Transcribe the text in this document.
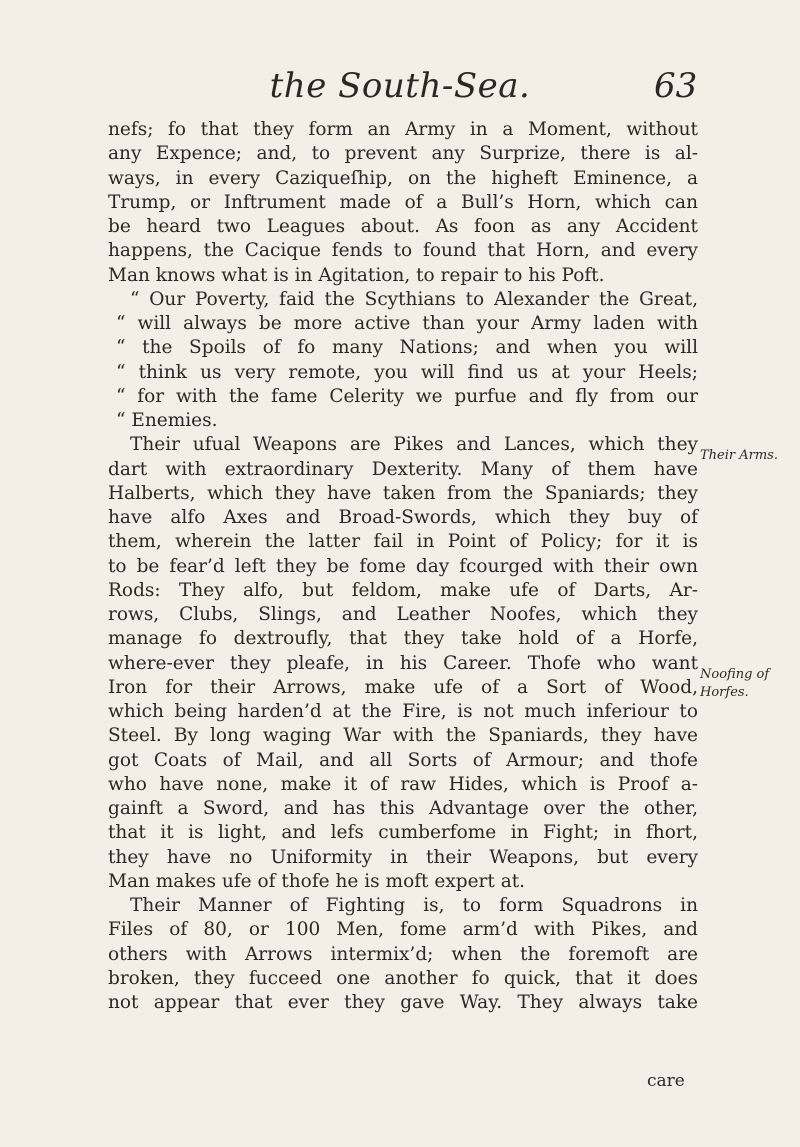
the South-Sea.	63
nefs; fo that they form an Army in a Moment, without
any Expence; and, to prevent any Surprize, there is al-
ways, in every Caziqueſhip, on the higheft Eminence, a
Trump, or Inftrument made of a Bull’s Horn, which can
be heard two Leagues about. As foon as any Accident
happens, the Cacique fends to found that Horn, and every
Man knows what is in Agitation, to repair to his Poft.
“ Our Poverty, faid the Scythians to Alexander the Great,
“ will always be more active than your Army laden with
“ the Spoils of fo many Nations; and when you will
“ think us very remote, you will find us at your Heels;
“ for with the fame Celerity we purfue and fly from our
“ Enemies.
Their ufual Weapons are Pikes and Lances, which they
dart with extraordinary Dexterity. Many of them have
Halberts, which they have taken from the Spaniards; they
have alfo Axes and Broad-Swords, which they buy of
them, wherein the latter fail in Point of Policy; for it is
to be fear’d left they be fome day fcourged with their own
Rods: They alfo, but feldom, make ufe of Darts, Ar-
rows, Clubs, Slings, and Leather Noofes, which they
manage fo dextroufly, that they take hold of a Horfe,
where-ever they pleafe, in his Career. Thofe who want
Iron for their Arrows, make ufe of a Sort of Wood,
which being harden’d at the Fire, is not much inferiour to
Steel. By long waging War with the Spaniards, they have
got Coats of Mail, and all Sorts of Armour; and thofe
who have none, make it of raw Hides, which is Proof a-
gainft a Sword, and has this Advantage over the other,
that it is light, and lefs cumberfome in Fight; in fhort,
they have no Uniformity in their Weapons, but every
Man makes ufe of thofe he is moft expert at.
Their Manner of Fighting is, to form Squadrons in
Files of 80, or 100 Men, fome arm’d with Pikes, and
others with Arrows intermix’d; when the foremoft are
broken, they fucceed one another fo quick, that it does
not appear that ever they gave Way. They always take
care
Their Arms.
Noofing of
Horfes.
